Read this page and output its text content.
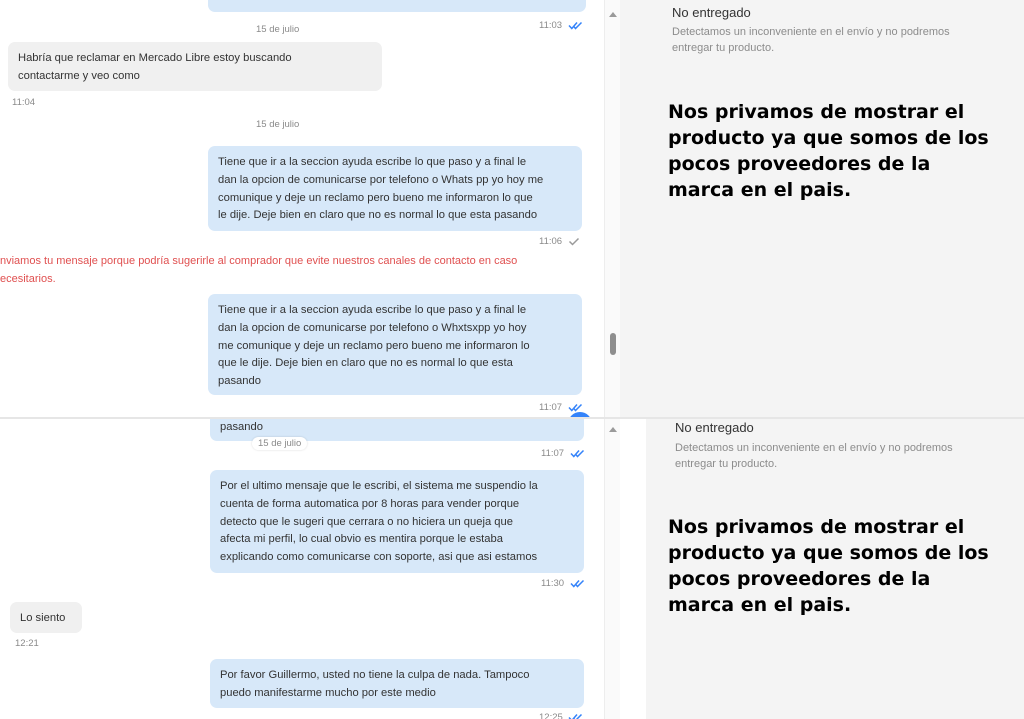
11:03
15 de julio
Habría que reclamar en Mercado Libre estoy buscando
contactarme y veo como
11:04
15 de julio
Tiene que ir a la seccion ayuda escribe lo que paso y a final le
dan la opcion de comunicarse por telefono o Whats pp yo hoy me
comunique y deje un reclamo pero bueno me informaron lo que
le dije. Deje bien en claro que no es normal lo que esta pasando
11:06
nviamos tu mensaje porque podría sugerirle al comprador que evite nuestros canales de contacto en caso
ecesitarios.
Tiene que ir a la seccion ayuda escribe lo que paso y a final le
dan la opcion de comunicarse por telefono o Whxtsxpp yo hoy
me comunique y deje un reclamo pero bueno me informaron lo
que le dije. Deje bien en claro que no es normal lo que esta
pasando
11:07
No entregado
Detectamos un inconveniente en el envío y no podremos
entregar tu producto.
Nos privamos de mostrar el
producto ya que somos de los
pocos proveedores de la
marca en el pais.
pasando
15 de julio
11:07
Por el ultimo mensaje que le escribi, el sistema me suspendio la
cuenta de forma automatica por 8 horas para vender porque
detecto que le sugeri que cerrara o no hiciera un queja que
afecta mi perfil, lo cual obvio es mentira porque le estaba
explicando como comunicarse con soporte, asi que asi estamos
11:30
Lo siento
12:21
Por favor Guillermo, usted no tiene la culpa de nada. Tampoco
puedo manifestarme mucho por este medio
12:25
No entregado
Detectamos un inconveniente en el envío y no podremos
entregar tu producto.
Nos privamos de mostrar el
producto ya que somos de los
pocos proveedores de la
marca en el pais.
